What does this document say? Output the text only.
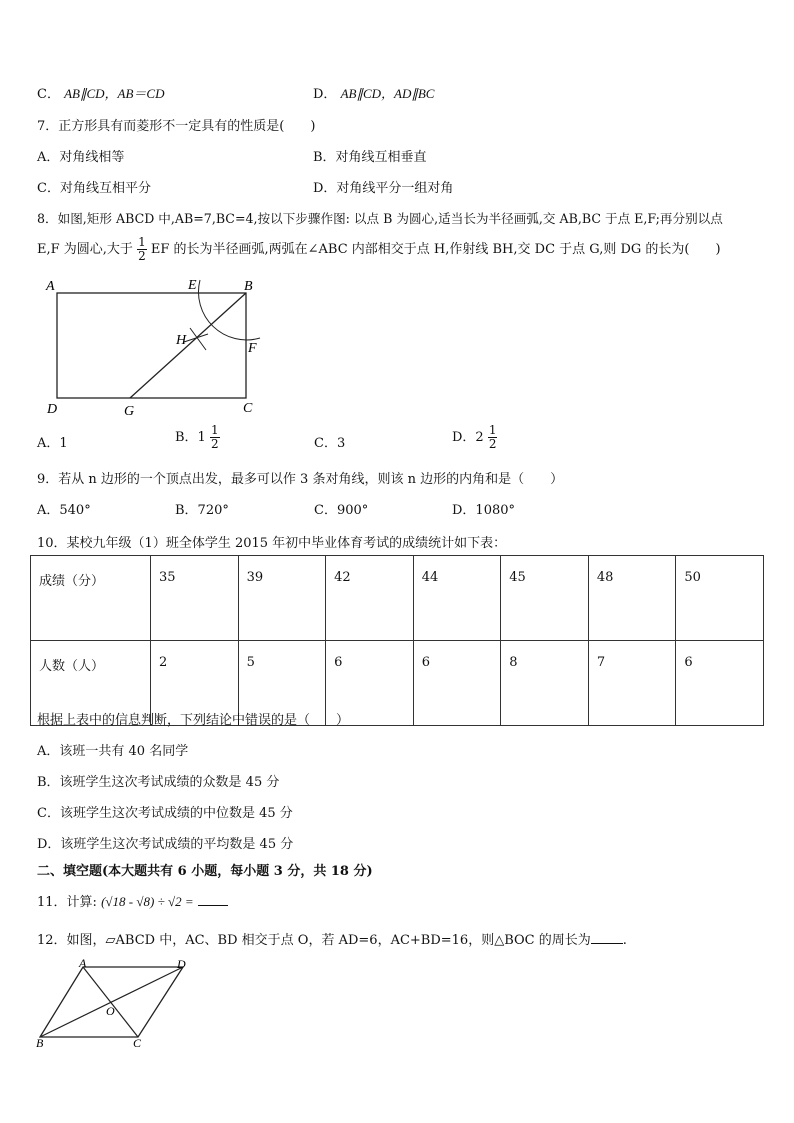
C． AB∥CD，AB＝CD	D． AB∥CD，AD∥BC
7．正方形具有而菱形不一定具有的性质是(　　)
A．对角线相等	B．对角线互相垂直
C．对角线互相平分	D．对角线平分一组对角
8．如图,矩形 ABCD 中,AB=7,BC=4,按以下步骤作图: 以点 B 为圆心,适当长为半径画弧,交 AB,BC 于点 E,F;再分别以点
E,F 为圆心,大于 $\frac{1}{2}$ EF 的长为半径画弧,两弧在∠ABC 内部相交于点 H,作射线 BH,交 DC 于点 G,则 DG 的长为(　　)
A	E	B
H
F
D	G	C
A．1	B．$1 \frac{1}{2}$	C．3	D．$2 \frac{1}{2}$
9．若从 n 边形的一个顶点出发，最多可以作 3 条对角线，则该 n 边形的内角和是（　　）
A．540°	B．720°	C．900°	D．1080°
10．某校九年级（1）班全体学生 2015 年初中毕业体育考试的成绩统计如下表：
成绩（分）	35	39	42	44	45	48	50
人数（人）	2	5	6	6	8	7	6
根据上表中的信息判断，下列结论中错误的是（　　）
A．该班一共有 40 名同学
B．该班学生这次考试成绩的众数是 45 分
C．该班学生这次考试成绩的中位数是 45 分
D．该班学生这次考试成绩的平均数是 45 分
二、填空题(本大题共有 6 小题，每小题 3 分，共 18 分)
11．计算: (√18 - √8) ÷ √2 =
12．如图，▱ABCD 中，AC、BD 相交于点 O，若 AD=6，AC+BD=16，则△BOC 的周长为 .
A	D
O
B	C
